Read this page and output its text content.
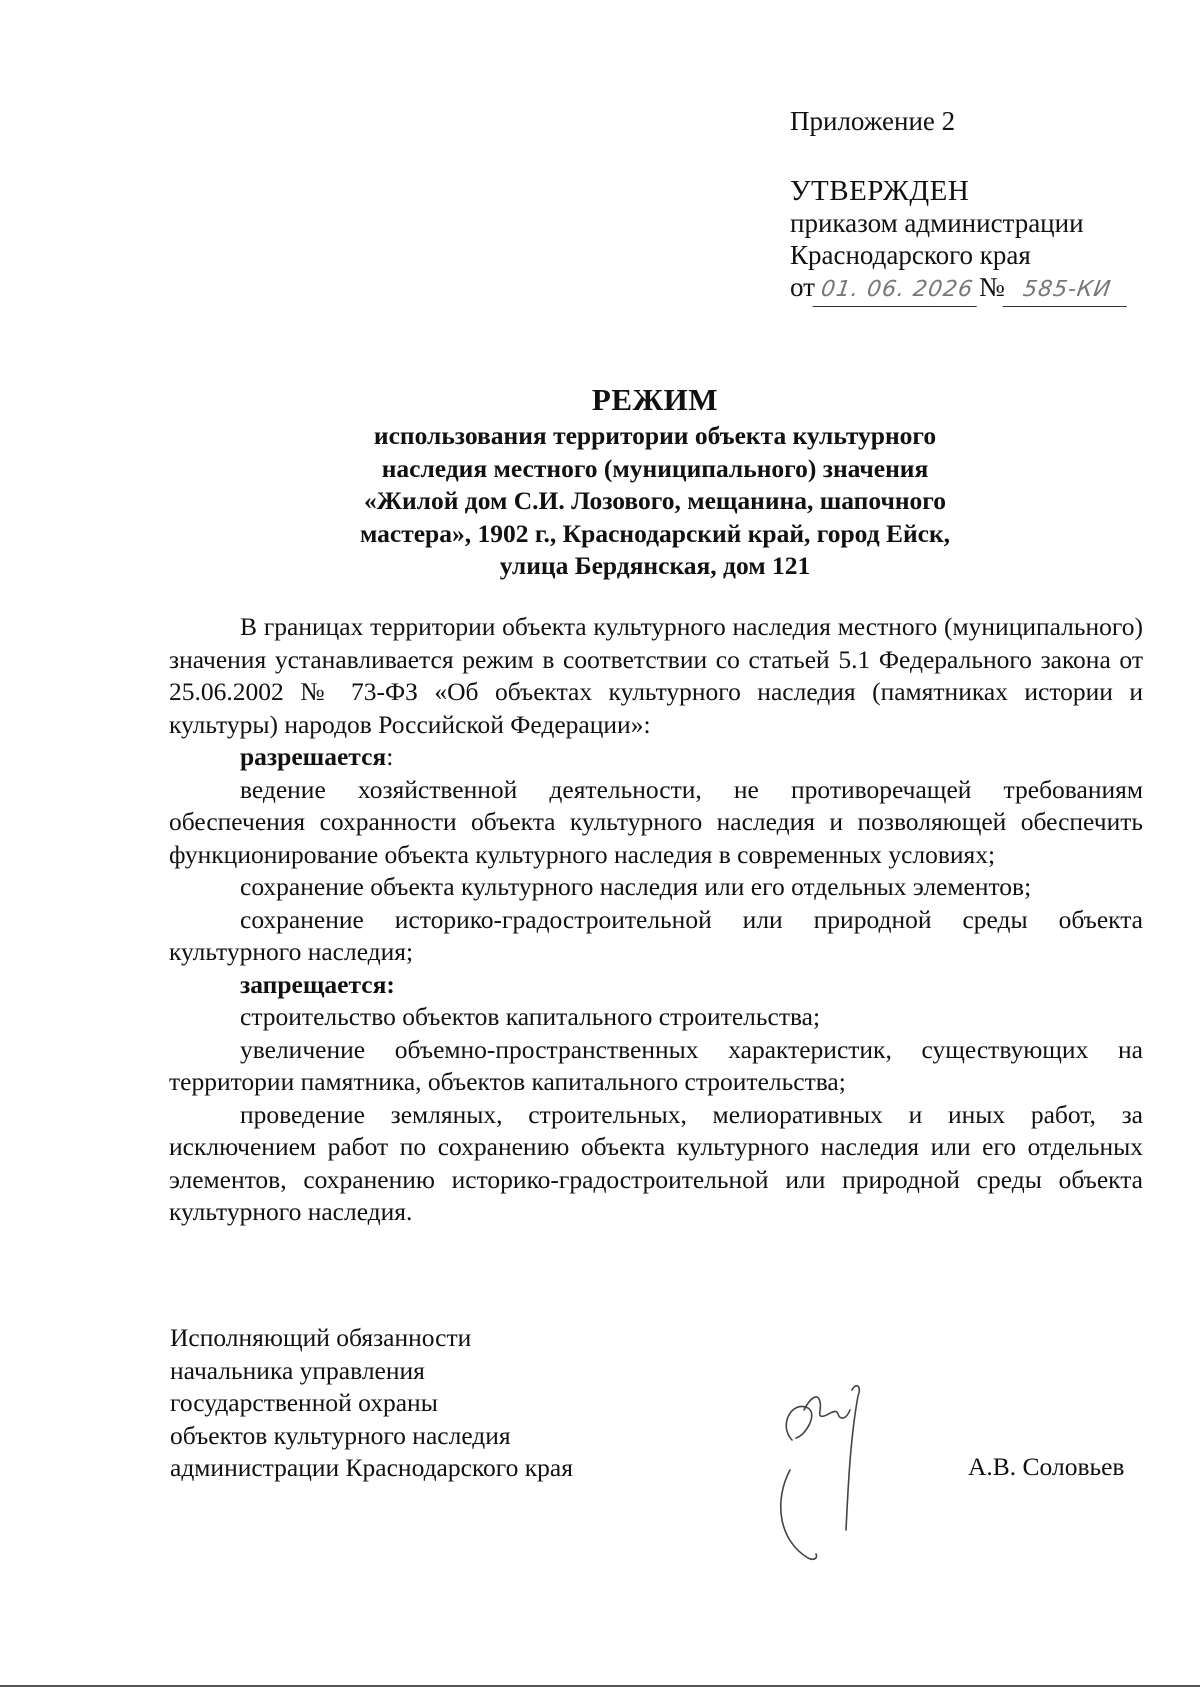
Приложение 2
УТВЕРЖДЕН
приказом администрации
Краснодарского края
от 01. 06. 2026 № 585-КИ
РЕЖИМ
использования территории объекта культурного
наследия местного (муниципального) значения
«Жилой дом С.И. Лозового, мещанина, шапочного
мастера», 1902 г., Краснодарский край, город Ейск,
улица Бердянская, дом 121

В границах территории объекта культурного наследия местного (муниципального) значения устанавливается режим в соответствии со статьей 5.1 Федерального закона от 25.06.2002 № 73-ФЗ «Об объектах культурного наследия (памятниках истории и культуры) народов Российской Федерации»:

разрешается:

ведение хозяйственной деятельности, не противоречащей требованиям обеспечения сохранности объекта культурного наследия и позволяющей обеспечить функционирование объекта культурного наследия в современных условиях;

сохранение объекта культурного наследия или его отдельных элементов;

сохранение историко-градостроительной или природной среды объекта культурного наследия;

запрещается:

строительство объектов капитального строительства;

увеличение объемно-пространственных характеристик, существующих на территории памятника, объектов капитального строительства;

проведение земляных, строительных, мелиоративных и иных работ, за исключением работ по сохранению объекта культурного наследия или его отдельных элементов, сохранению историко-градостроительной или природной среды объекта культурного наследия.

Исполняющий обязанности
начальника управления
государственной охраны
объектов культурного наследия
администрации Краснодарского края	А.В. Соловьев
